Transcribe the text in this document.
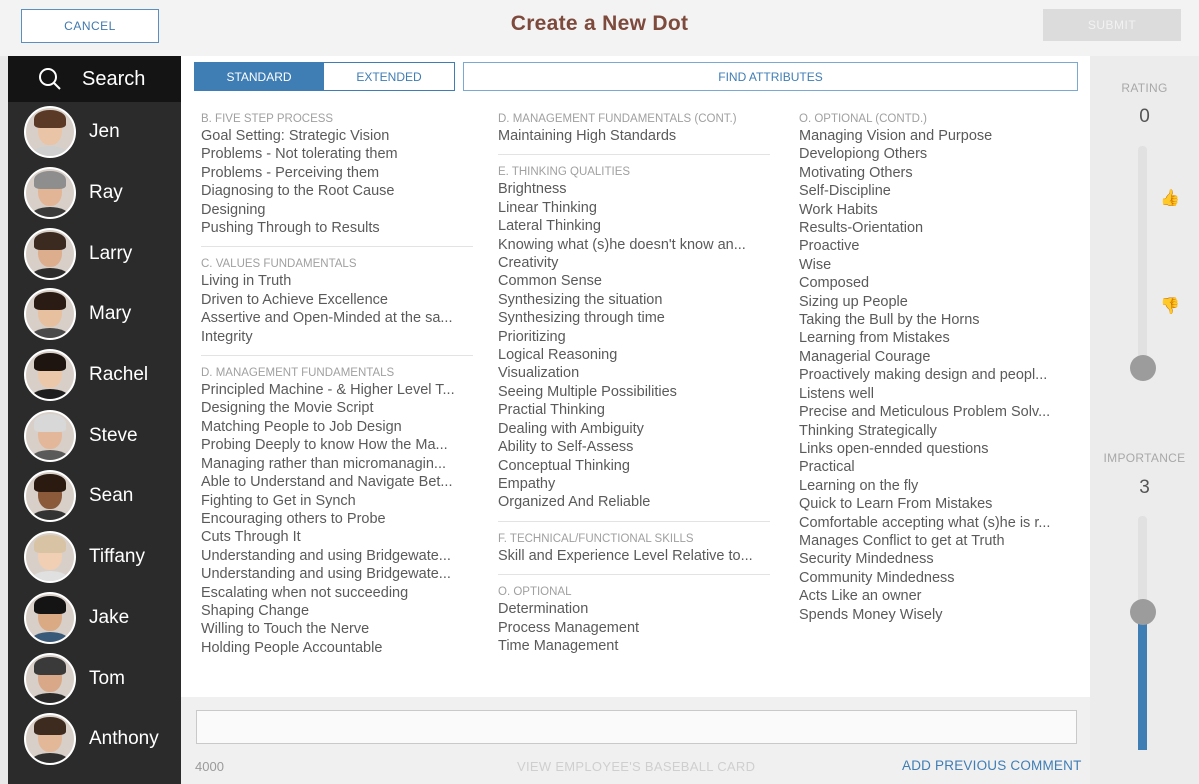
CANCEL	Create a New Dot	SUBMIT
Search
Jen
Ray
Larry
Mary
Rachel
Steve
Sean
Tiffany
Jake
Tom
Anthony
STANDARD	EXTENDED	FIND ATTRIBUTES
B. FIVE STEP PROCESS
Goal Setting: Strategic Vision
Problems - Not tolerating them
Problems - Perceiving them
Diagnosing to the Root Cause
Designing
Pushing Through to Results
C. VALUES FUNDAMENTALS
Living in Truth
Driven to Achieve Excellence
Assertive and Open-Minded at the sa...
Integrity
D. MANAGEMENT FUNDAMENTALS
Principled Machine - & Higher Level T...
Designing the Movie Script
Matching People to Job Design
Probing Deeply to know How the Ma...
Managing rather than micromanagin...
Able to Understand and Navigate Bet...
Fighting to Get in Synch
Encouraging others to Probe
Cuts Through It
Understanding and using Bridgewate...
Understanding and using Bridgewate...
Escalating when not succeeding
Shaping Change
Willing to Touch the Nerve
Holding People Accountable
D. MANAGEMENT FUNDAMENTALS (CONT.)
Maintaining High Standards
E. THINKING QUALITIES
Brightness
Linear Thinking
Lateral Thinking
Knowing what (s)he doesn't know an...
Creativity
Common Sense
Synthesizing the situation
Synthesizing through time
Prioritizing
Logical Reasoning
Visualization
Seeing Multiple Possibilities
Practial Thinking
Dealing with Ambiguity
Ability to Self-Assess
Conceptual Thinking
Empathy
Organized And Reliable
F. TECHNICAL/FUNCTIONAL SKILLS
Skill and Experience Level Relative to...
O. OPTIONAL
Determination
Process Management
Time Management
O. OPTIONAL (CONTD.)
Managing Vision and Purpose
Developiong Others
Motivating Others
Self-Discipline
Work Habits
Results-Orientation
Proactive
Wise
Composed
Sizing up People
Taking the Bull by the Horns
Learning from Mistakes
Managerial Courage
Proactively making design and peopl...
Listens well
Precise and Meticulous Problem Solv...
Thinking Strategically
Links open-ennded questions
Practical
Learning on the fly
Quick to Learn From Mistakes
Comfortable accepting what (s)he is r...
Manages Conflict to get at Truth
Security Mindedness
Community Mindedness
Acts Like an owner
Spends Money Wisely
4000	VIEW EMPLOYEE'S BASEBALL CARD	ADD PREVIOUS COMMENT
RATING
0
IMPORTANCE
3
👍
👎
